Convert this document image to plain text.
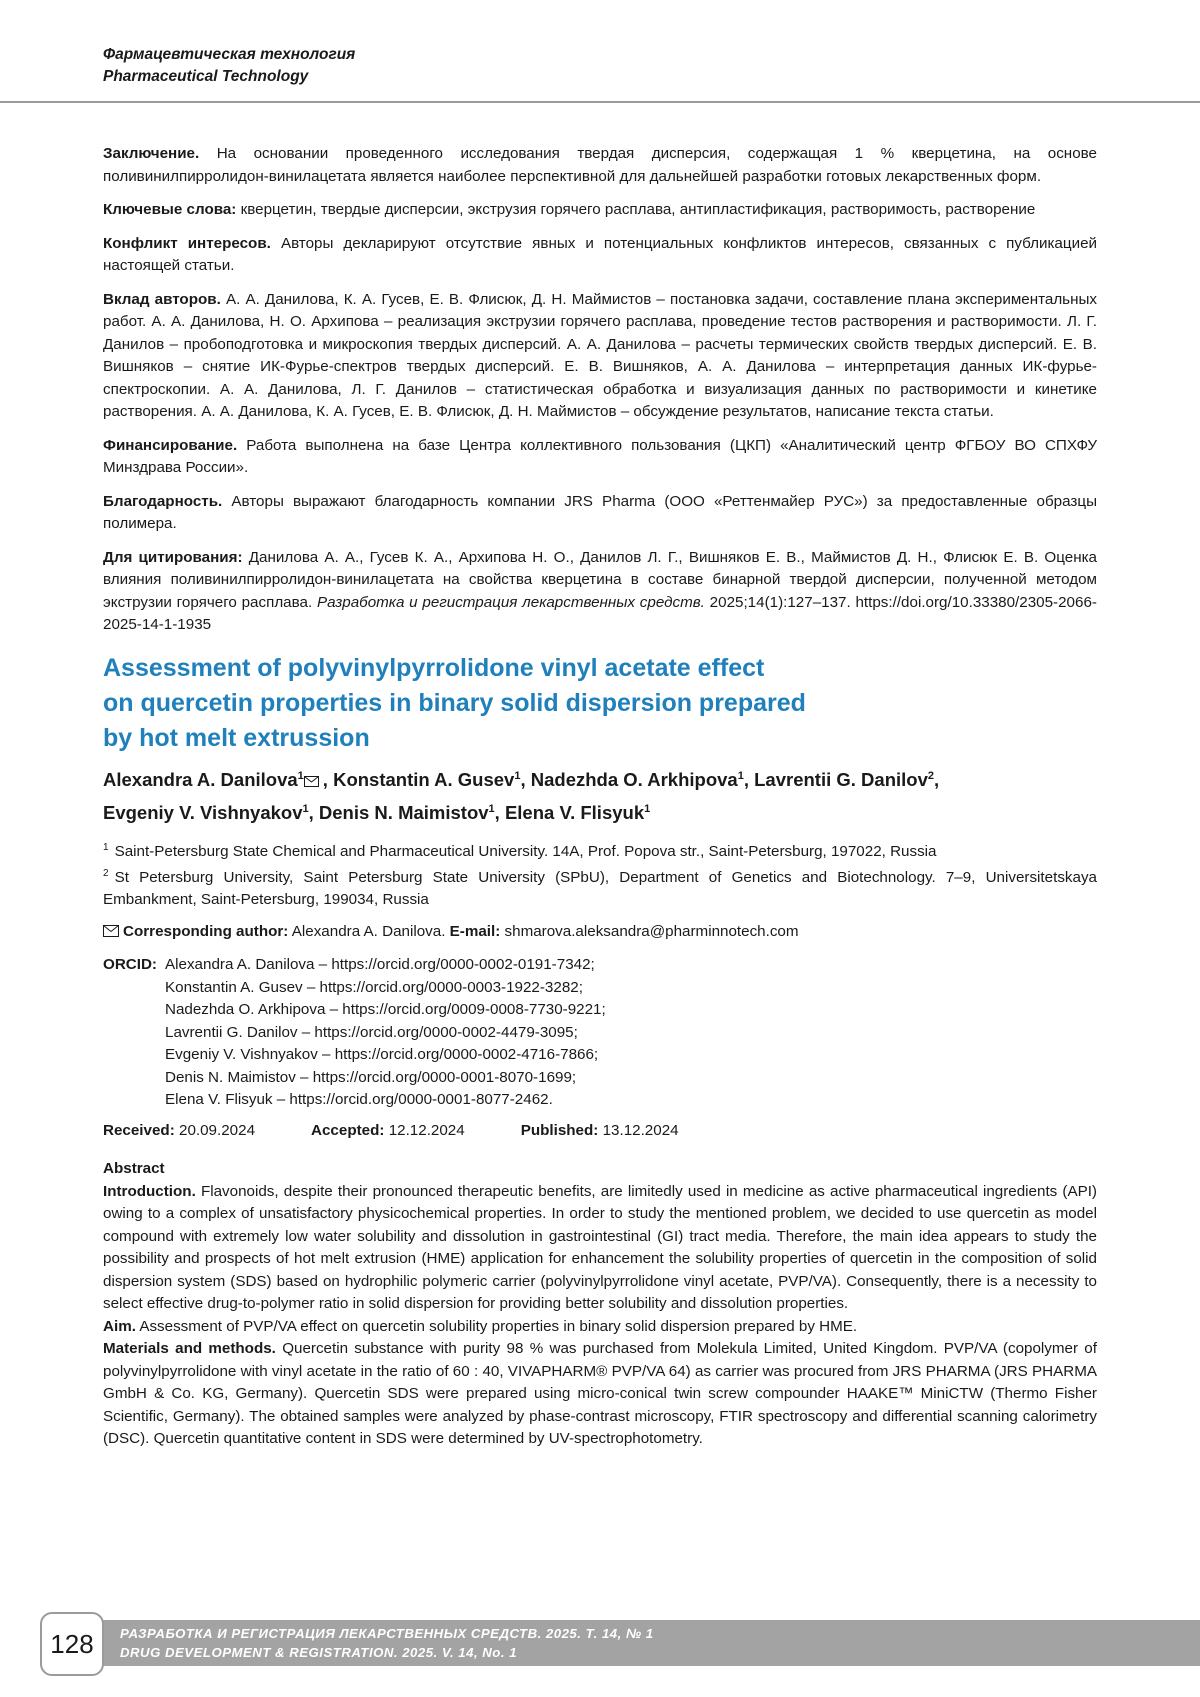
Фармацевтическая технология
Pharmaceutical Technology

Заключение. На основании проведенного исследования твердая дисперсия, содержащая 1 % кверцетина, на основе поливинилпирролидон-винилацетата является наиболее перспективной для дальнейшей разработки готовых лекарственных форм.

Ключевые слова: кверцетин, твердые дисперсии, экструзия горячего расплава, антипластификация, растворимость, растворение

Конфликт интересов. Авторы декларируют отсутствие явных и потенциальных конфликтов интересов, связанных с публикацией настоящей статьи.

Вклад авторов. А. А. Данилова, К. А. Гусев, Е. В. Флисюк, Д. Н. Маймистов – постановка задачи, составление плана экспериментальных работ. А. А. Данилова, Н. О. Архипова – реализация экструзии горячего расплава, проведение тестов растворения и растворимости. Л. Г. Данилов – пробоподготовка и микроскопия твердых дисперсий. А. А. Данилова – расчеты термических свойств твердых дисперсий. Е. В. Вишняков – снятие ИК-Фурье-спектров твердых дисперсий. Е. В. Вишняков, А. А. Данилова – интерпретация данных ИК-фурье-спектроскопии. А. А. Данилова, Л. Г. Данилов – статистическая обработка и визуализация данных по растворимости и кинетике растворения. А. А. Данилова, К. А. Гусев, Е. В. Флисюк, Д. Н. Маймистов – обсуждение результатов, написание текста статьи.

Финансирование. Работа выполнена на базе Центра коллективного пользования (ЦКП) «Аналитический центр ФГБОУ ВО СПХФУ Минздрава России».

Благодарность. Авторы выражают благодарность компании JRS Pharma (ООО «Реттенмайер РУС») за предоставленные образцы полимера.

Для цитирования: Данилова А. А., Гусев К. А., Архипова Н. О., Данилов Л. Г., Вишняков Е. В., Маймистов Д. Н., Флисюк Е. В. Оценка влияния поливинилпирролидон-винилацетата на свойства кверцетина в составе бинарной твердой дисперсии, полученной методом экструзии горячего расплава. Разработка и регистрация лекарственных средств. 2025;14(1):127–137. https://doi.org/10.33380/2305-2066-2025-14-1-1935

Assessment of polyvinylpyrrolidone vinyl acetate effect
on quercetin properties in binary solid dispersion prepared
by hot melt extrussion
Alexandra A. Danilova$^1$ , Konstantin A. Gusev$^1$, Nadezhda O. Arkhipova$^1$, Lavrentii G. Danilov$^2$,
Evgeniy V. Vishnyakov$^1$, Denis N. Maimistov$^1$, Elena V. Flisyuk$^1$
$^1$ Saint-Petersburg State Chemical and Pharmaceutical University. 14A, Prof. Popova str., Saint-Petersburg, 197022, Russia
$^2$ St Petersburg University, Saint Petersburg State University (SPbU), Department of Genetics and Biotechnology. 7–9, Universitetskaya Embankment, Saint-Petersburg, 199034, Russia
Corresponding author: Alexandra A. Danilova. E-mail: shmarova.aleksandra@pharminnotech.com
ORCID: Alexandra A. Danilova – https://orcid.org/0000-0002-0191-7342;
Konstantin A. Gusev – https://orcid.org/0000-0003-1922-3282;
Nadezhda O. Arkhipova – https://orcid.org/0009-0008-7730-9221;
Lavrentii G. Danilov – https://orcid.org/0000-0002-4479-3095;
Evgeniy V. Vishnyakov – https://orcid.org/0000-0002-4716-7866;
Denis N. Maimistov – https://orcid.org/0000-0001-8070-1699;
Elena V. Flisyuk – https://orcid.org/0000-0001-8077-2462.
Received: 20.09.2024	Accepted: 12.12.2024	Published: 13.12.2024

Abstract

Introduction. Flavonoids, despite their pronounced therapeutic benefits, are limitedly used in medicine as active pharmaceutical ingredients (API) owing to a complex of unsatisfactory physicochemical properties. In order to study the mentioned problem, we decided to use quercetin as model compound with extremely low water solubility and dissolution in gastrointestinal (GI) tract media. Therefore, the main idea appears to study the possibility and prospects of hot melt extrusion (HME) application for enhancement the solubility properties of quercetin in the composition of solid dispersion system (SDS) based on hydrophilic polymeric carrier (polyvinylpyrrolidone vinyl acetate, PVP/VA). Consequently, there is a necessity to select effective drug-to-polymer ratio in solid dispersion for providing better solubility and dissolution properties.

Aim. Assessment of PVP/VA effect on quercetin solubility properties in binary solid dispersion prepared by HME.

Materials and methods. Quercetin substance with purity 98 % was purchased from Molekula Limited, United Kingdom. PVP/VA (copolymer of polyvinylpyrrolidone with vinyl acetate in the ratio of 60 : 40, VIVAPHARM® PVP/VA 64) as carrier was procured from JRS PHARMA (JRS PHARMA GmbH & Co. KG, Germany). Quercetin SDS were prepared using micro-conical twin screw compounder HAAKE™ MiniCTW (Thermo Fisher Scientific, Germany). The obtained samples were analyzed by phase-contrast microscopy, FTIR spectroscopy and differential scanning calorimetry (DSC). Quercetin quantitative content in SDS were determined by UV-spectrophotometry.

РАЗРАБОТКА И РЕГИСТРАЦИЯ ЛЕКАРСТВЕННЫХ СРЕДСТВ. 2025. Т. 14, № 1
DRUG DEVELOPMENT & REGISTRATION. 2025. V. 14, No. 1
128
